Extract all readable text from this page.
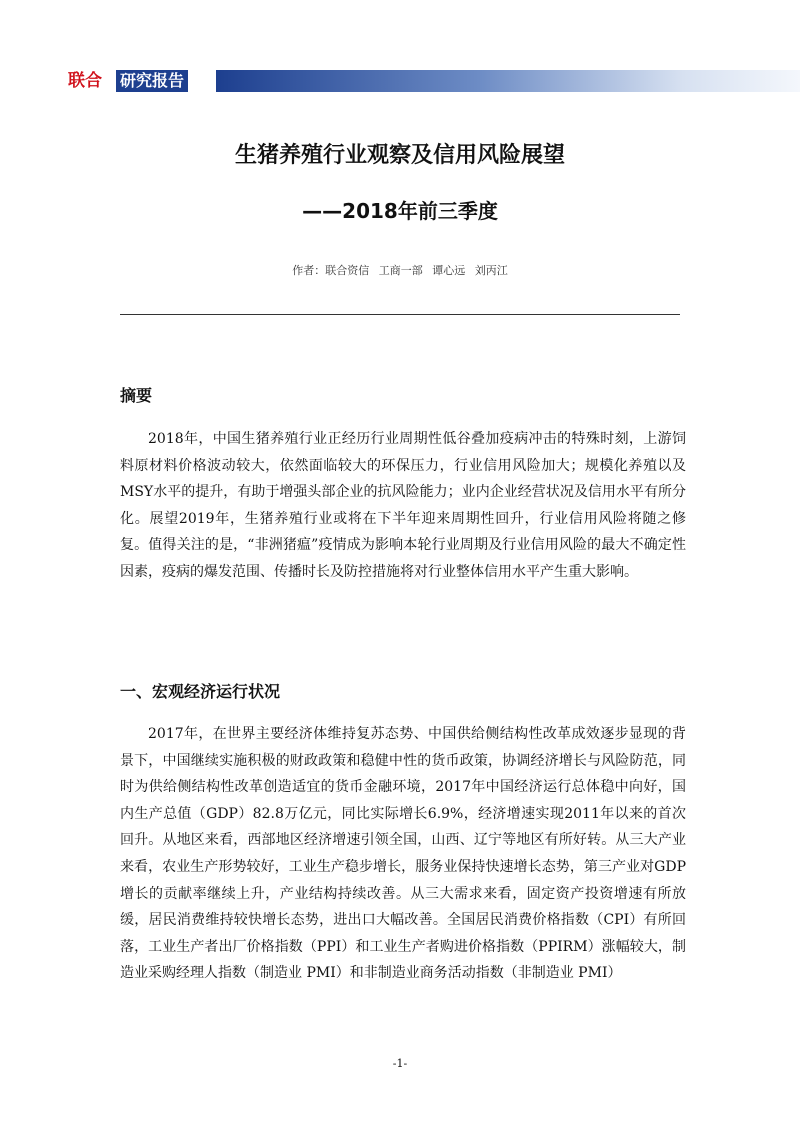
联合 研究报告
生猪养殖行业观察及信用风险展望
——2018年前三季度
作者：联合资信 工商一部 谭心远 刘丙江
摘要

2018年，中国生猪养殖行业正经历行业周期性低谷叠加疫病冲击的特殊时刻，上游饲料原材料价格波动较大，依然面临较大的环保压力，行业信用风险加大；规模化养殖以及MSY水平的提升，有助于增强头部企业的抗风险能力；业内企业经营状况及信用水平有所分化。展望2019年，生猪养殖行业或将在下半年迎来周期性回升，行业信用风险将随之修复。值得关注的是，“非洲猪瘟”疫情成为影响本轮行业周期及行业信用风险的最大不确定性因素，疫病的爆发范围、传播时长及防控措施将对行业整体信用水平产生重大影响。

一、宏观经济运行状况

2017年，在世界主要经济体维持复苏态势、中国供给侧结构性改革成效逐步显现的背景下，中国继续实施积极的财政政策和稳健中性的货币政策，协调经济增长与风险防范，同时为供给侧结构性改革创造适宜的货币金融环境，2017年中国经济运行总体稳中向好，国内生产总值（GDP）82.8万亿元，同比实际增长6.9%，经济增速实现2011年以来的首次回升。从地区来看，西部地区经济增速引领全国，山西、辽宁等地区有所好转。从三大产业来看，农业生产形势较好，工业生产稳步增长，服务业保持快速增长态势，第三产业对GDP增长的贡献率继续上升，产业结构持续改善。从三大需求来看，固定资产投资增速有所放缓，居民消费维持较快增长态势，进出口大幅改善。全国居民消费价格指数（CPI）有所回落，工业生产者出厂价格指数（PPI）和工业生产者购进价格指数（PPIRM）涨幅较大，制造业采购经理人指数（制造业 PMI）和非制造业商务活动指数（非制造业 PMI）

-1-
